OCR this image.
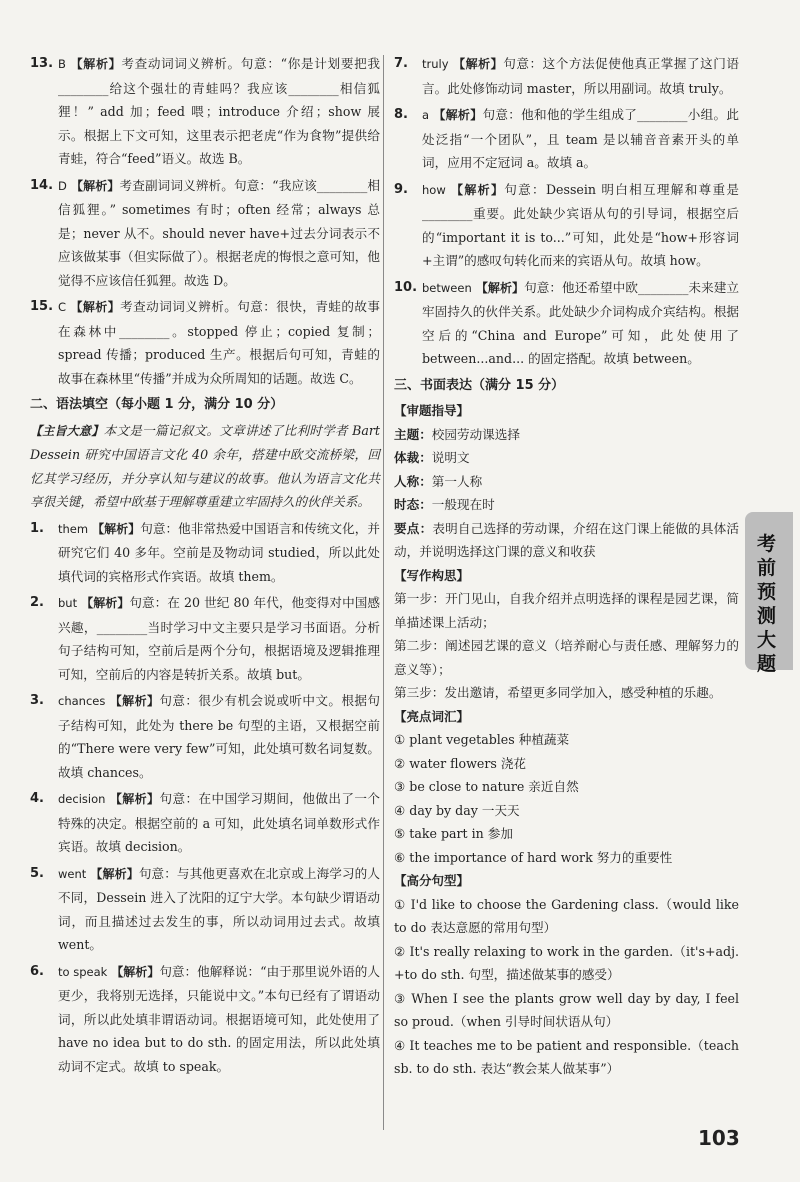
13. B 【解析】考查动词词义辨析。句意：“你是计划要把我________给这个强壮的青蛙吗？我应该________相信狐狸！” add 加；feed 喂；introduce 介绍；show 展示。根据上下文可知，这里表示把老虎“作为食物”提供给青蛙，符合“feed”语义。故选 B。
14. D 【解析】考查副词词义辨析。句意：“我应该________相信狐狸。” sometimes 有时；often 经常；always 总是；never 从不。should never have+过去分词表示不应该做某事（但实际做了）。根据老虎的悔恨之意可知，他觉得不应该信任狐狸。故选 D。
15. C 【解析】考查动词词义辨析。句意：很快，青蛙的故事在森林中________。stopped 停止；copied 复制；spread 传播；produced 生产。根据后句可知，青蛙的故事在森林里“传播”并成为众所周知的话题。故选 C。
二、语法填空（每小题 1 分，满分 10 分）
【主旨大意】本文是一篇记叙文。文章讲述了比利时学者 Bart Dessein 研究中国语言文化 40 余年，搭建中欧交流桥梁，回忆其学习经历，并分享认知与建议的故事。他认为语言文化共享很关键，希望中欧基于理解尊重建立牢固持久的伙伴关系。
1. them 【解析】句意：他非常热爱中国语言和传统文化，并研究它们 40 多年。空前是及物动词 studied，所以此处填代词的宾格形式作宾语。故填 them。
2. but 【解析】句意：在 20 世纪 80 年代，他变得对中国感兴趣，________当时学习中文主要只是学习书面语。分析句子结构可知，空前后是两个分句，根据语境及逻辑推理可知，空前后的内容是转折关系。故填 but。
3. chances 【解析】句意：很少有机会说或听中文。根据句子结构可知，此处为 there be 句型的主语，又根据空前的“There were very few”可知，此处填可数名词复数。故填 chances。
4. decision 【解析】句意：在中国学习期间，他做出了一个特殊的决定。根据空前的 a 可知，此处填名词单数形式作宾语。故填 decision。
5. went 【解析】句意：与其他更喜欢在北京或上海学习的人不同，Dessein 进入了沈阳的辽宁大学。本句缺少谓语动词，而且描述过去发生的事，所以动词用过去式。故填 went。
6. to speak 【解析】句意：他解释说：“由于那里说外语的人更少，我将别无选择，只能说中文。”本句已经有了谓语动词，所以此处填非谓语动词。根据语境可知，此处使用了 have no idea but to do sth. 的固定用法，所以此处填动词不定式。故填 to speak。
7. truly 【解析】句意：这个方法促使他真正掌握了这门语言。此处修饰动词 master，所以用副词。故填 truly。
8. a 【解析】句意：他和他的学生组成了________小组。此处泛指“一个团队”，且 team 是以辅音音素开头的单词，应用不定冠词 a。故填 a。
9. how 【解析】句意：Dessein 明白相互理解和尊重是________重要。此处缺少宾语从句的引导词，根据空后的“important it is to...”可知，此处是“how+形容词+主谓”的感叹句转化而来的宾语从句。故填 how。
10. between 【解析】句意：他还希望中欧________未来建立牢固持久的伙伴关系。此处缺少介词构成介宾结构。根据空后的“China and Europe”可知，此处使用了 between...and... 的固定搭配。故填 between。
三、书面表达（满分 15 分）
【审题指导】
主题：校园劳动课选择
体裁：说明文
人称：第一人称
时态：一般现在时
要点：表明自己选择的劳动课，介绍在这门课上能做的具体活动，并说明选择这门课的意义和收获
【写作构思】
第一步：开门见山，自我介绍并点明选择的课程是园艺课，简单描述课上活动；
第二步：阐述园艺课的意义（培养耐心与责任感、理解努力的意义等）；
第三步：发出邀请，希望更多同学加入，感受种植的乐趣。
【亮点词汇】
① plant vegetables 种植蔬菜
② water flowers 浇花
③ be close to nature 亲近自然
④ day by day 一天天
⑤ take part in 参加
⑥ the importance of hard work 努力的重要性
【高分句型】
① I'd like to choose the Gardening class.（would like to do 表达意愿的常用句型）
② It's really relaxing to work in the garden.（it's+adj. +to do sth. 句型，描述做某事的感受）
③ When I see the plants grow well day by day, I feel so proud.（when 引导时间状语从句）
④ It teaches me to be patient and responsible.（teach sb. to do sth. 表达“教会某人做某事”）
考前预测大题
103
